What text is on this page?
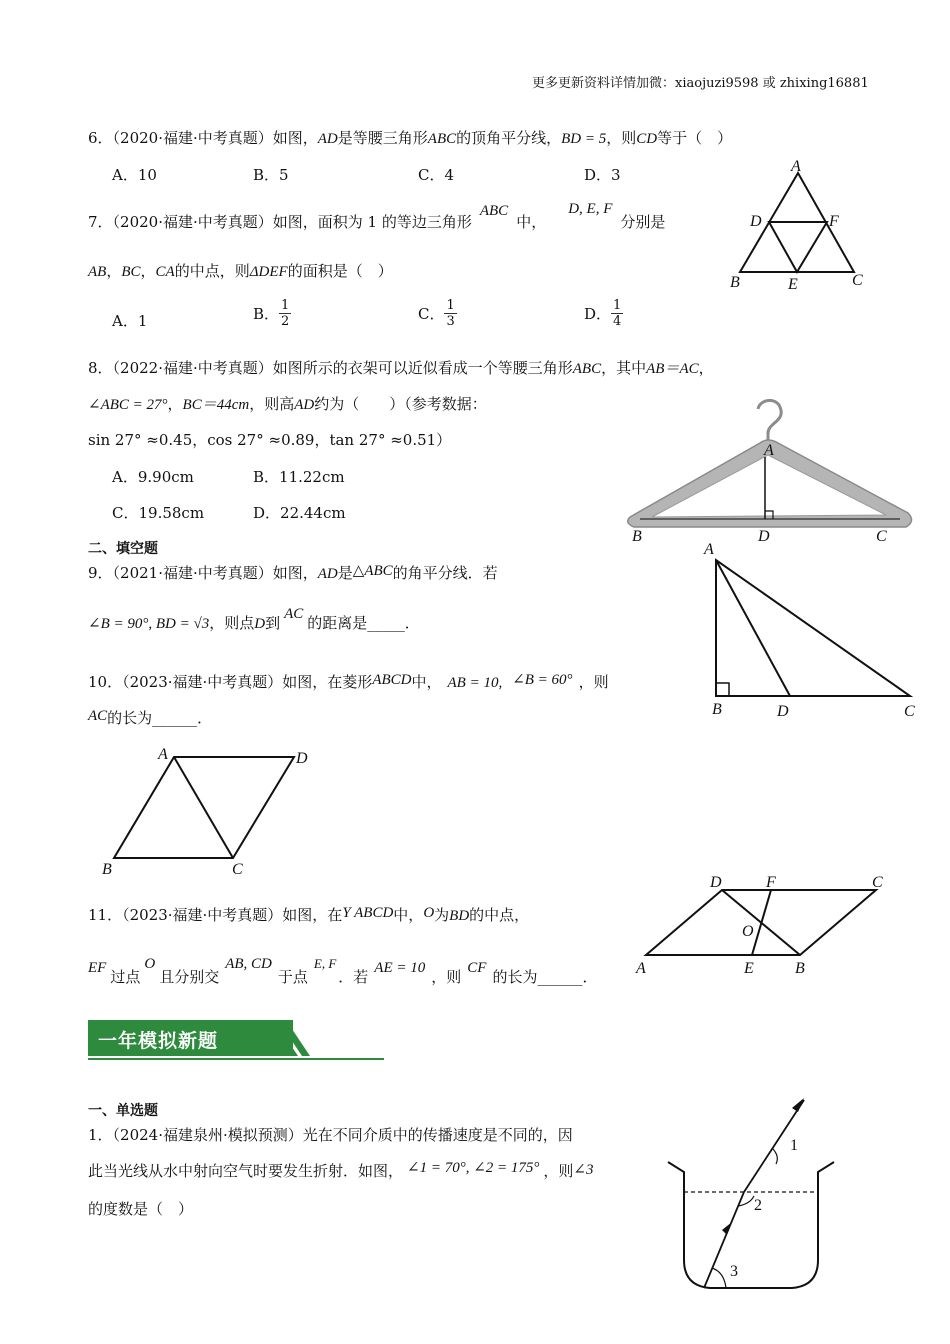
更多更新资料详情加微：xiaojuzi9598 或 zhixing16881
6．（2020·福建·中考真题）如图，AD是等腰三角形ABC的顶角平分线，BD = 5，则CD等于（　）
A．10	B．5	C．4	D．3
7．（2020·福建·中考真题）如图，面积为 1 的等边三角形ABC中，D, E, F分别是
AB，BC，CA的中点，则ΔDEF的面积是（　）
A．1	B． $\frac{1}{2}$	C． $\frac{1}{3}$	D． $\frac{1}{4}$
A
D	F
B	E	C
8．（2022·福建·中考真题）如图所示的衣架可以近似看成一个等腰三角形ABC，其中AB＝AC，
∠ABC = 27°，BC＝44cm，则高AD约为（　　）（参考数据：
sin 27° ≈0.45，cos 27° ≈0.89，tan 27° ≈0.51）
A．9.90cm	B．11.22cm
C．19.58cm	D．22.44cm
A
B	D	C
二、填空题
9．（2021·福建·中考真题）如图，AD是△ABC的角平分线．若
∠B = 90°, BD = √3，则点D到 AC 的距离是_____．
A
B	D	C
10．（2023·福建·中考真题）如图，在菱形ABCD中， AB = 10, ∠B = 60° ，则
AC的长为______．
A	D
B	C
11．（2023·福建·中考真题）如图，在Y ABCD中，O为BD的中点，
EF 过点O且分别交AB, CD于点E, F．若 AE = 10 ，则 CF 的长为______．
D	F	C
O
A	E	B
一年模拟新题
一、单选题
1．（2024·福建泉州·模拟预测）光在不同介质中的传播速度是不同的，因
此当光线从水中射向空气时要发生折射．如图， ∠1 = 70°, ∠2 = 175° ，则∠3
的度数是（　）
1
2
3
